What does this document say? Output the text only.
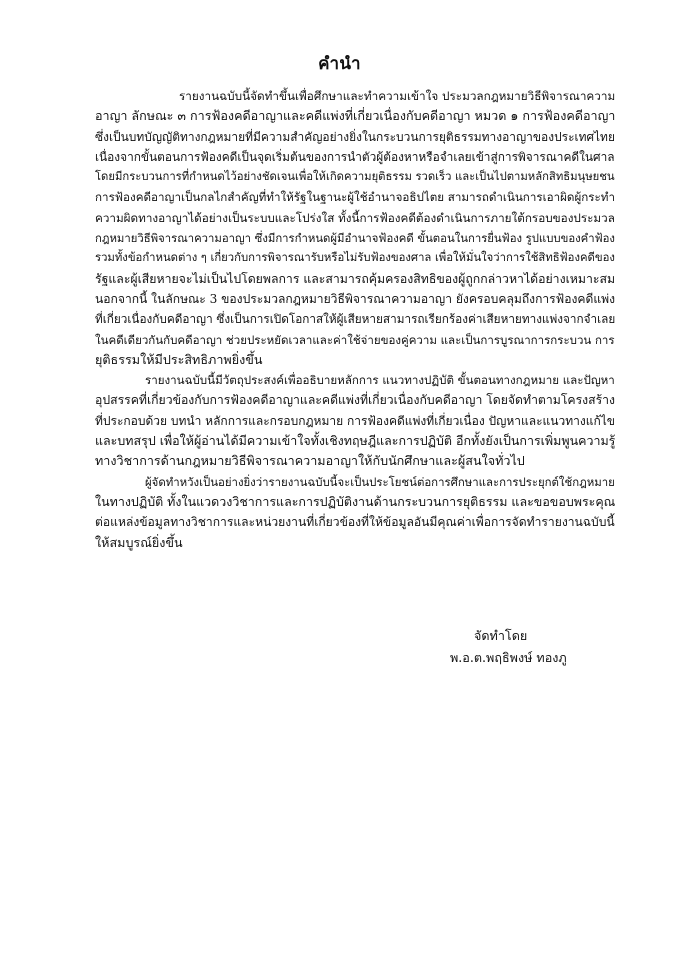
คำนำ
รายงานฉบับนี้จัดทำขึ้นเพื่อศึกษาและทำความเข้าใจ ประมวลกฎหมายวิธีพิจารณาความ
อาญา ลักษณะ ๓ การฟ้องคดีอาญาและคดีแพ่งที่เกี่ยวเนื่องกับคดีอาญา หมวด ๑ การฟ้องคดีอาญา
ซึ่งเป็นบทบัญญัติทางกฎหมายที่มีความสำคัญอย่างยิ่งในกระบวนการยุติธรรมทางอาญาของประเทศไทย
เนื่องจากขั้นตอนการฟ้องคดีเป็นจุดเริ่มต้นของการนำตัวผู้ต้องหาหรือจำเลยเข้าสู่การพิจารณาคดีในศาล
โดยมีกระบวนการที่กำหนดไว้อย่างชัดเจนเพื่อให้เกิดความยุติธรรม รวดเร็ว และเป็นไปตามหลักสิทธิมนุษยชน
การฟ้องคดีอาญาเป็นกลไกสำคัญที่ทำให้รัฐในฐานะผู้ใช้อำนาจอธิปไตย สามารถดำเนินการเอาผิดผู้กระทำ
ความผิดทางอาญาได้อย่างเป็นระบบและโปร่งใส ทั้งนี้การฟ้องคดีต้องดำเนินการภายใต้กรอบของประมวล
กฎหมายวิธีพิจารณาความอาญา ซึ่งมีการกำหนดผู้มีอำนาจฟ้องคดี ขั้นตอนในการยื่นฟ้อง รูปแบบของคำฟ้อง
รวมทั้งข้อกำหนดต่าง ๆ เกี่ยวกับการพิจารณารับหรือไม่รับฟ้องของศาล เพื่อให้มั่นใจว่าการใช้สิทธิฟ้องคดีของ
รัฐและผู้เสียหายจะไม่เป็นไปโดยพลการ และสามารถคุ้มครองสิทธิของผู้ถูกกล่าวหาได้อย่างเหมาะสม
นอกจากนี้ ในลักษณะ 3 ของประมวลกฎหมายวิธีพิจารณาความอาญา ยังครอบคลุมถึงการฟ้องคดีแพ่ง
ที่เกี่ยวเนื่องกับคดีอาญา ซึ่งเป็นการเปิดโอกาสให้ผู้เสียหายสามารถเรียกร้องค่าเสียหายทางแพ่งจากจำเลย
ในคดีเดียวกันกับคดีอาญา ช่วยประหยัดเวลาและค่าใช้จ่ายของคู่ความ และเป็นการบูรณาการกระบวน การ
ยุติธรรมให้มีประสิทธิภาพยิ่งขึ้น
รายงานฉบับนี้มีวัตถุประสงค์เพื่ออธิบายหลักการ แนวทางปฏิบัติ ขั้นตอนทางกฎหมาย และปัญหา
อุปสรรคที่เกี่ยวข้องกับการฟ้องคดีอาญาและคดีแพ่งที่เกี่ยวเนื่องกับคดีอาญา โดยจัดทำตามโครงสร้าง
ที่ประกอบด้วย บทนำ หลักการและกรอบกฎหมาย การฟ้องคดีแพ่งที่เกี่ยวเนื่อง ปัญหาและแนวทางแก้ไข
และบทสรุป เพื่อให้ผู้อ่านได้มีความเข้าใจทั้งเชิงทฤษฎีและการปฏิบัติ อีกทั้งยังเป็นการเพิ่มพูนความรู้
ทางวิชาการด้านกฎหมายวิธีพิจารณาความอาญาให้กับนักศึกษาและผู้สนใจทั่วไป
ผู้จัดทำหวังเป็นอย่างยิ่งว่ารายงานฉบับนี้จะเป็นประโยชน์ต่อการศึกษาและการประยุกต์ใช้กฎหมาย
ในทางปฏิบัติ ทั้งในแวดวงวิชาการและการปฏิบัติงานด้านกระบวนการยุติธรรม และขอขอบพระคุณ
ต่อแหล่งข้อมูลทางวิชาการและหน่วยงานที่เกี่ยวข้องที่ให้ข้อมูลอันมีคุณค่าเพื่อการจัดทำรายงานฉบับนี้
ให้สมบูรณ์ยิ่งขึ้น
จัดทำโดย
พ.อ.ต.พฤธิพงษ์ ทองภู
